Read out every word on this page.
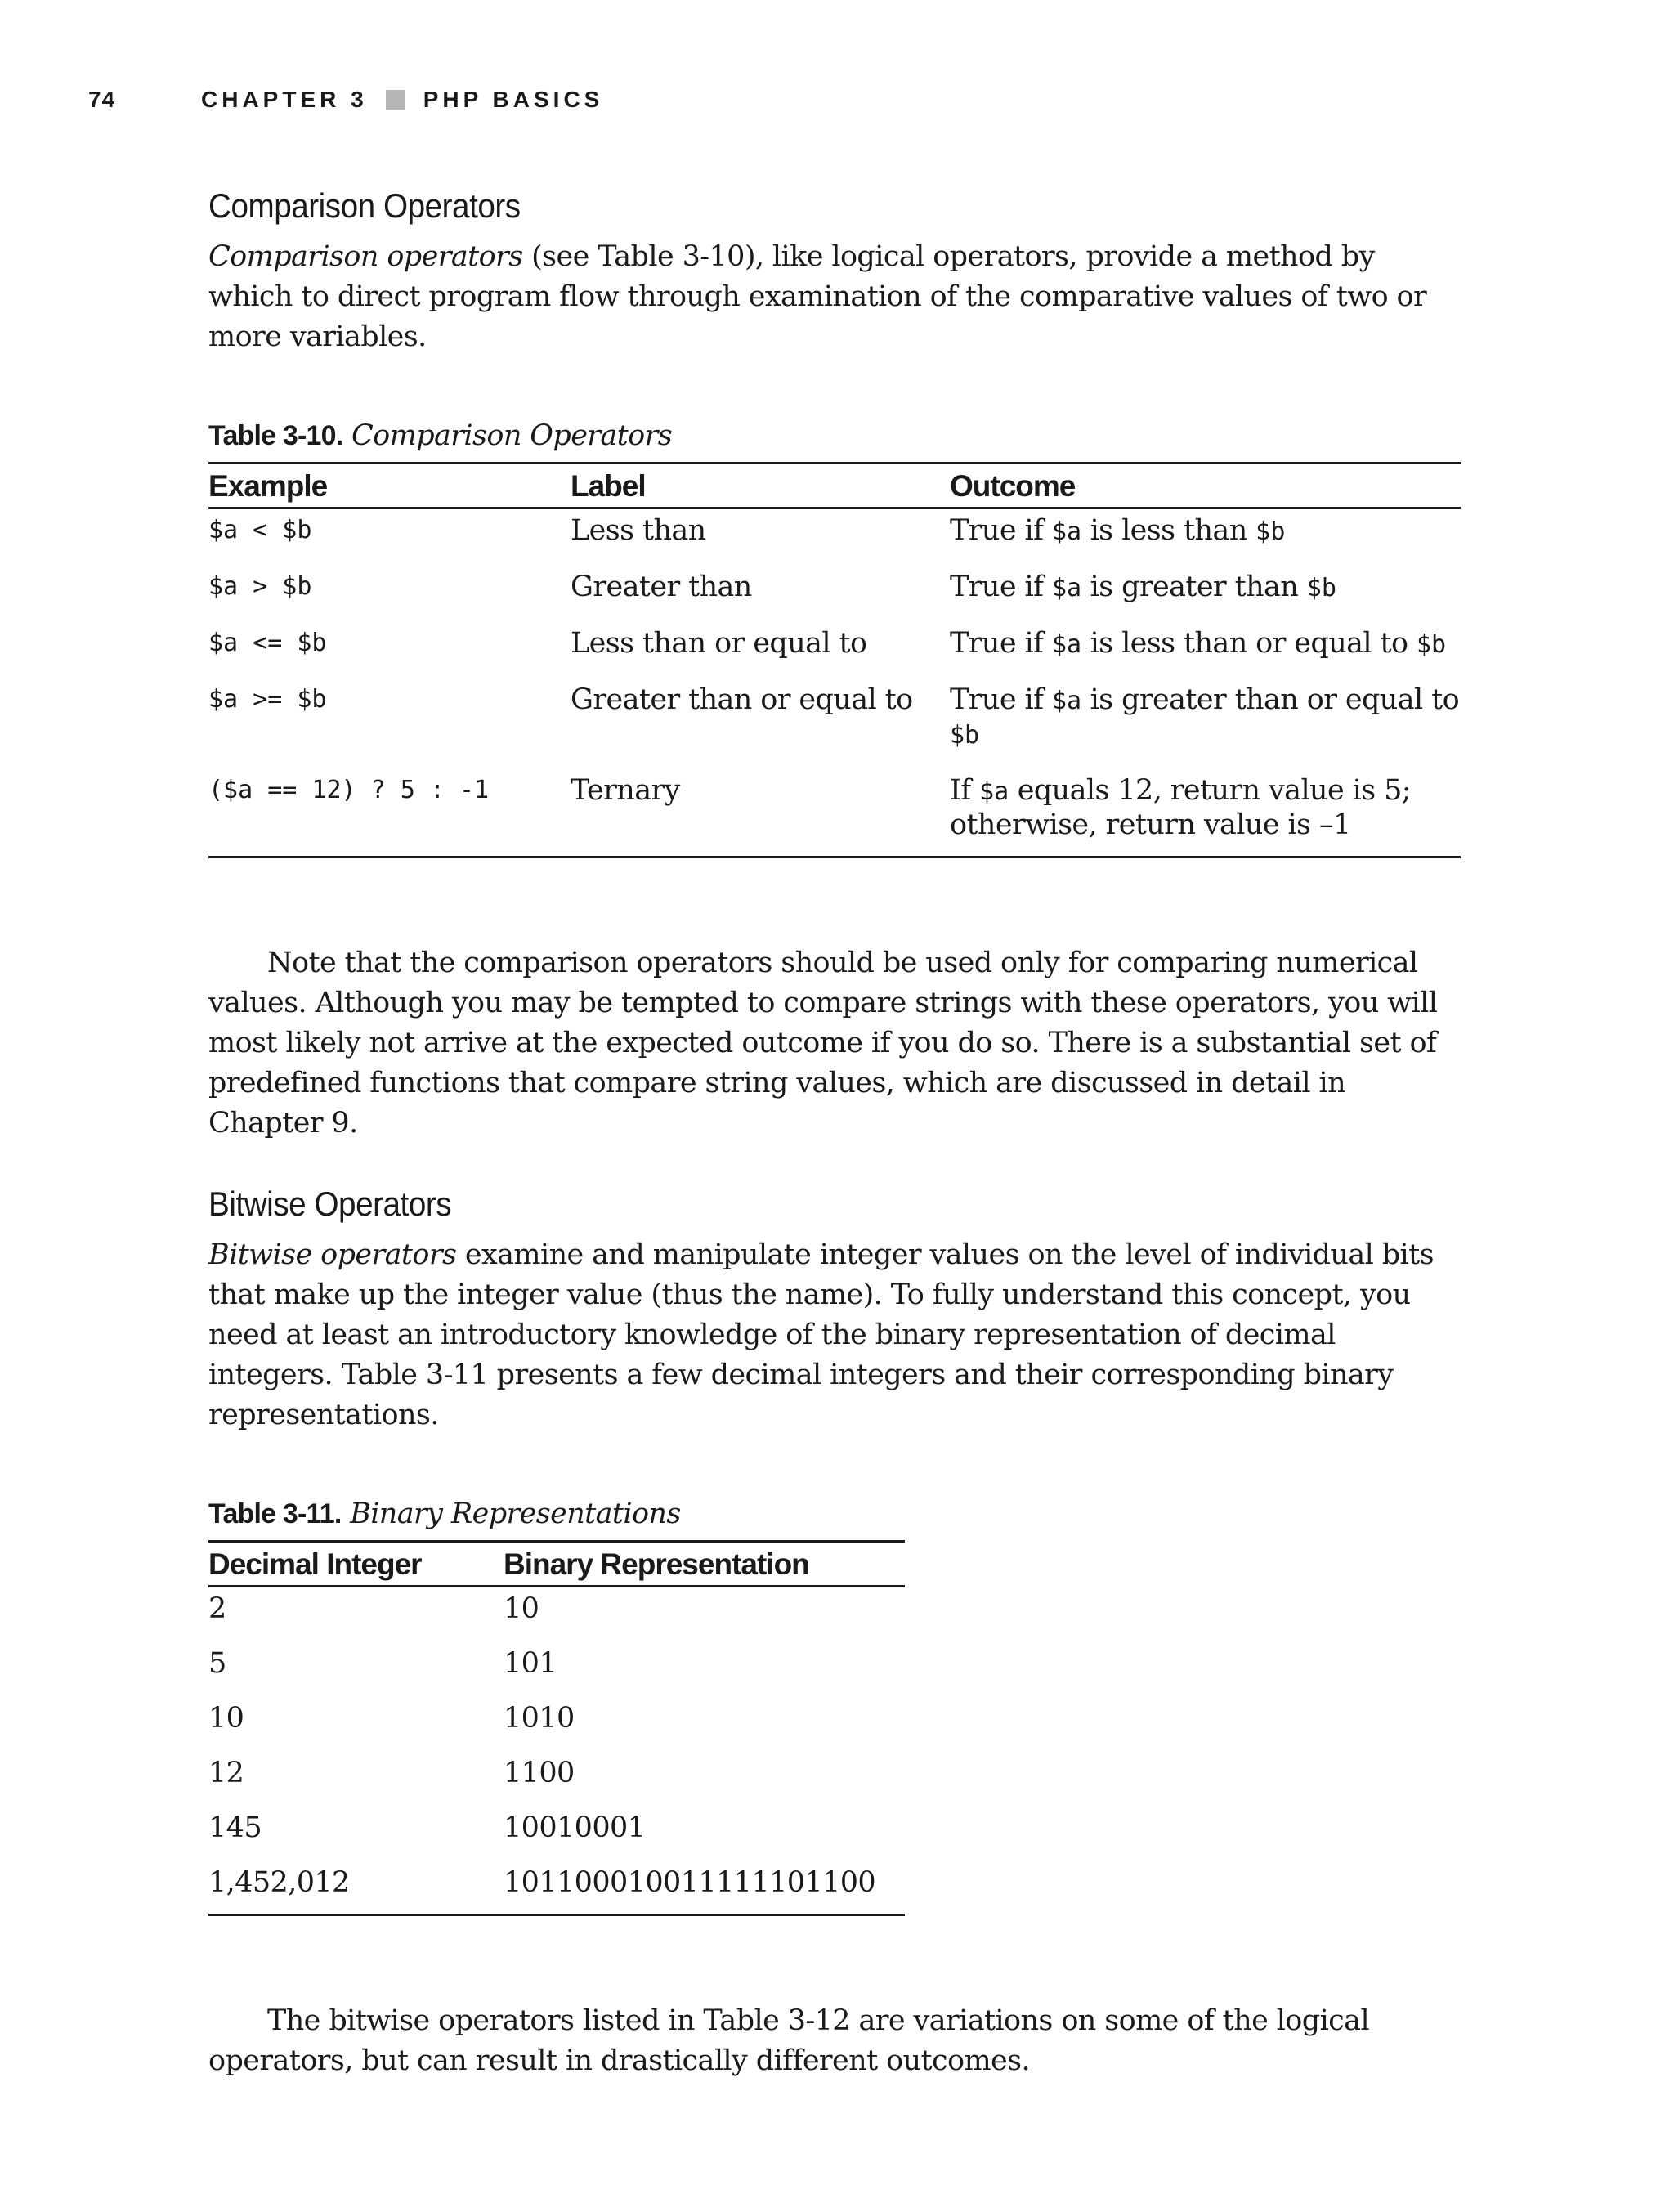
74	CHAPTER 3 PHP BASICS
Comparison Operators

Comparison operators (see Table 3-10), like logical operators, provide a method by which to direct program flow through examination of the comparative values of two or more variables.

Table 3-10. Comparison Operators
Example	Label	Outcome
$a < $b	Less than	True if $a is less than $b
$a > $b	Greater than	True if $a is greater than $b
$a <= $b	Less than or equal to	True if $a is less than or equal to $b
$a >= $b	Greater than or equal to	True if $a is greater than or equal to $b
($a == 12) ? 5 : -1	Ternary	If $a equals 12, return value is 5;
otherwise, return value is –1

Note that the comparison operators should be used only for comparing numerical values. Although you may be tempted to compare strings with these operators, you will most likely not arrive at the expected outcome if you do so. There is a substantial set of predefined functions that compare string values, which are discussed in detail in Chapter 9.

Bitwise Operators

Bitwise operators examine and manipulate integer values on the level of individual bits that make up the integer value (thus the name). To fully understand this concept, you need at least an introductory knowledge of the binary representation of decimal integers. Table 3-11 presents a few decimal integers and their corresponding binary representations.

Table 3-11. Binary Representations
Decimal Integer	Binary Representation
2	10
5	101
10	1010
12	1100
145	10010001
1,452,012	101100010011111101100

The bitwise operators listed in Table 3-12 are variations on some of the logical operators, but can result in drastically different outcomes.
